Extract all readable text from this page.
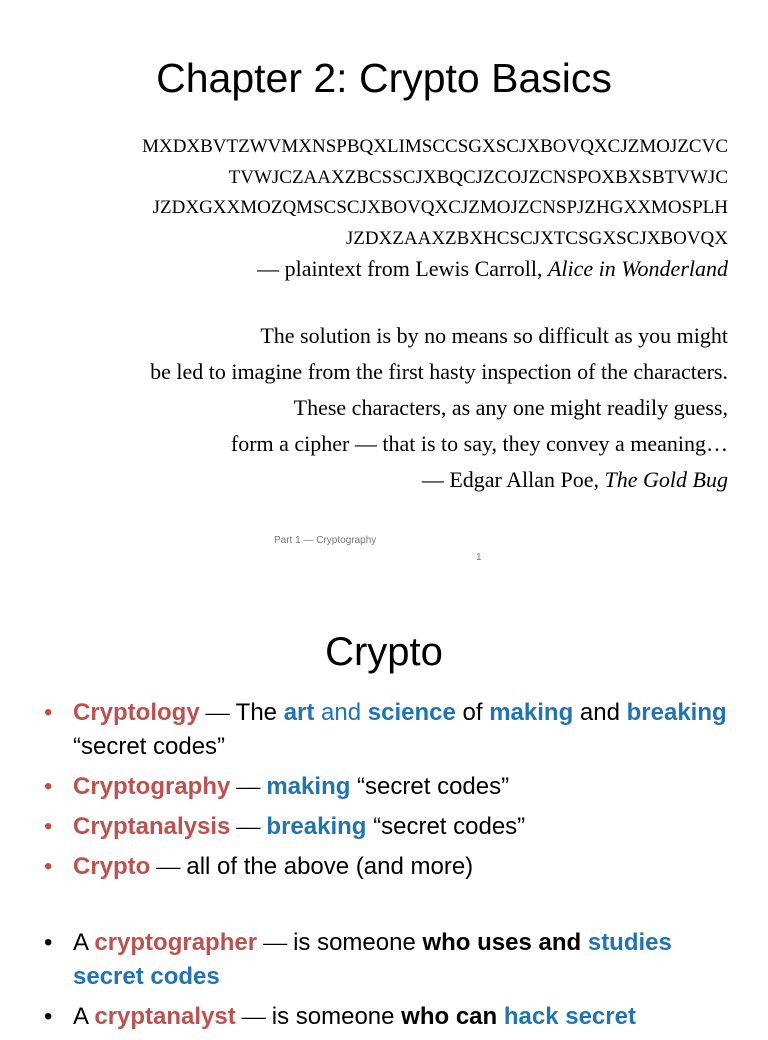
Chapter 2: Crypto Basics
MXDXBVTZWVMXNSPBQXLIMSCCSGXSCJXBOVQXCJZMOJZCVC
TVWJCZAAXZBCSSCJXBQCJZCOJZCNSPOXBXSBTVWJC
JZDXGXXMOZQMSCSCJXBOVQXCJZMOJZCNSPJZHGXXMOSPLH
JZDXZAAXZBXHCSCJXTCSGXSCJXBOVQX
— plaintext from Lewis Carroll, Alice in Wonderland
The solution is by no means so difficult as you might
be led to imagine from the first hasty inspection of the characters.
These characters, as any one might readily guess,
form a cipher — that is to say, they convey a meaning…
— Edgar Allan Poe, The Gold Bug
Part 1 — Cryptography
1
Crypto
• Cryptology — The art and science of making and breaking “secret codes”
• Cryptography — making “secret codes”
• Cryptanalysis — breaking “secret codes”
• Crypto — all of the above (and more)
• A cryptographer — is someone who uses and studies secret codes
• A cryptanalyst — is someone who can hack secret
